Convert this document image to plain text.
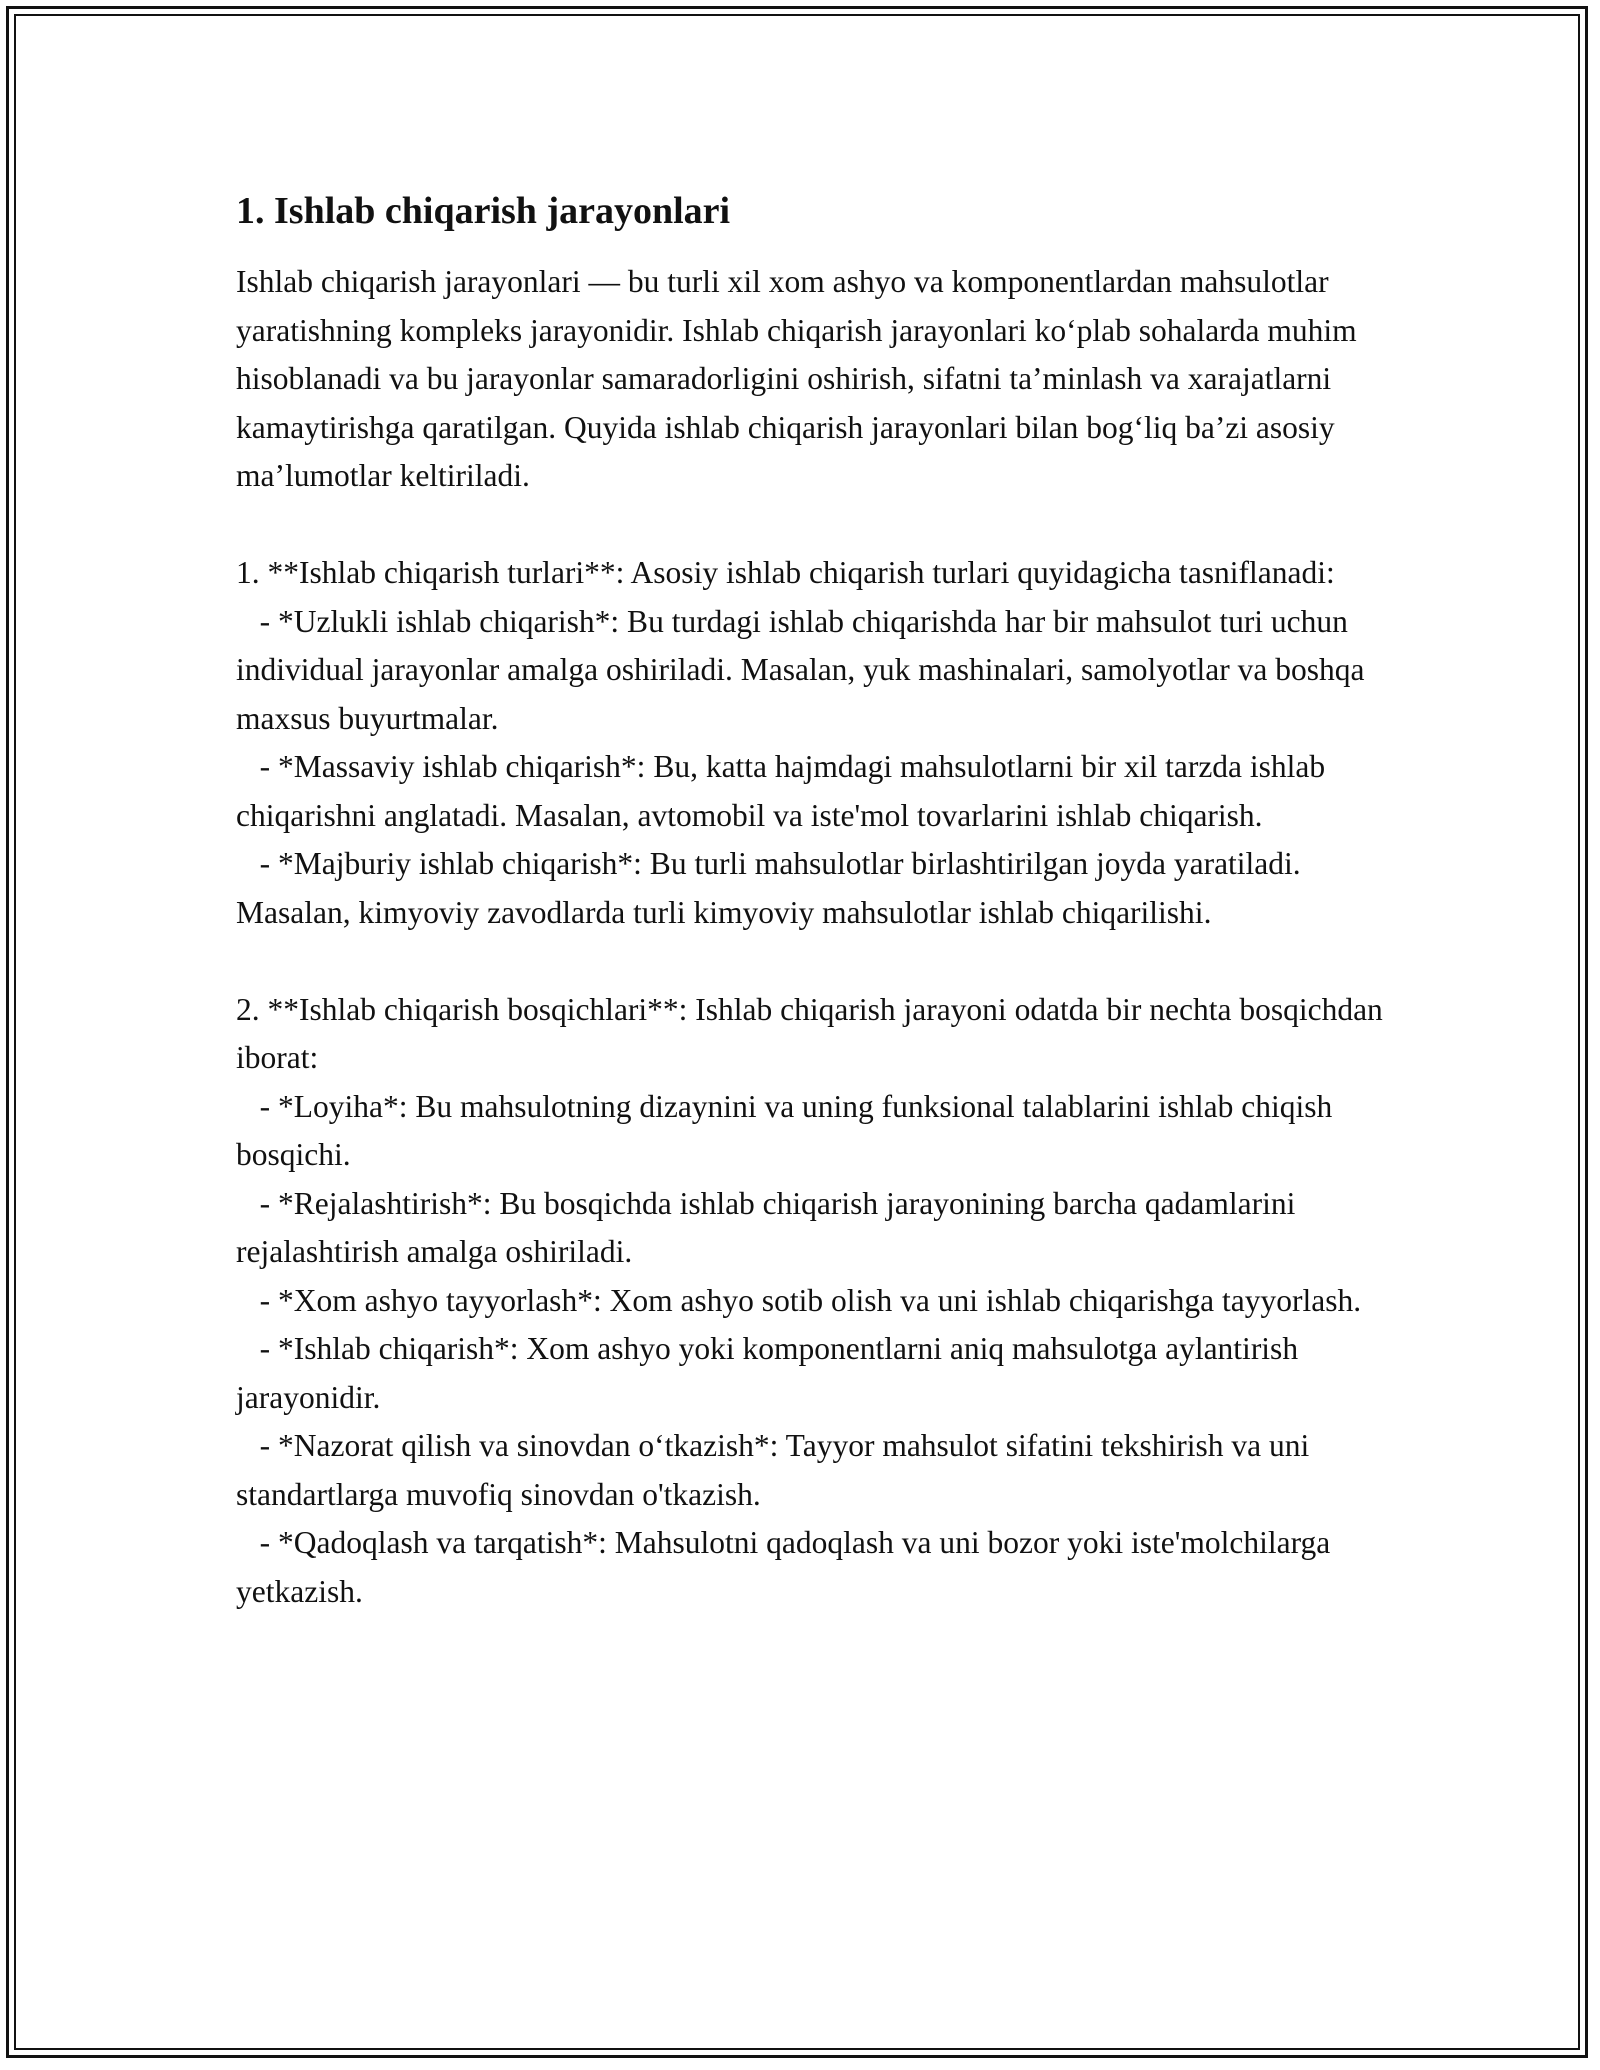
1. Ishlab chiqarish jarayonlari

Ishlab chiqarish jarayonlari — bu turli xil xom ashyo va komponentlardan mahsulotlar yaratishning kompleks jarayonidir. Ishlab chiqarish jarayonlari ko‘plab sohalarda muhim hisoblanadi va bu jarayonlar samaradorligini oshirish, sifatni ta’minlash va xarajatlarni kamaytirishga qaratilgan. Quyida ishlab chiqarish jarayonlari bilan bog‘liq ba’zi asosiy ma’lumotlar keltiriladi.

1. **Ishlab chiqarish turlari**: Asosiy ishlab chiqarish turlari quyidagicha tasniflanadi:

- *Uzlukli ishlab chiqarish*: Bu turdagi ishlab chiqarishda har bir mahsulot turi uchun individual jarayonlar amalga oshiriladi. Masalan, yuk mashinalari, samolyotlar va boshqa maxsus buyurtmalar.

- *Massaviy ishlab chiqarish*: Bu, katta hajmdagi mahsulotlarni bir xil tarzda ishlab chiqarishni anglatadi. Masalan, avtomobil va iste'mol tovarlarini ishlab chiqarish.

- *Majburiy ishlab chiqarish*: Bu turli mahsulotlar birlashtirilgan joyda yaratiladi. Masalan, kimyoviy zavodlarda turli kimyoviy mahsulotlar ishlab chiqarilishi.

2. **Ishlab chiqarish bosqichlari**: Ishlab chiqarish jarayoni odatda bir nechta bosqichdan iborat:

- *Loyiha*: Bu mahsulotning dizaynini va uning funksional talablarini ishlab chiqish bosqichi.

- *Rejalashtirish*: Bu bosqichda ishlab chiqarish jarayonining barcha qadamlarini rejalashtirish amalga oshiriladi.

- *Xom ashyo tayyorlash*: Xom ashyo sotib olish va uni ishlab chiqarishga tayyorlash.

- *Ishlab chiqarish*: Xom ashyo yoki komponentlarni aniq mahsulotga aylantirish jarayonidir.

- *Nazorat qilish va sinovdan o‘tkazish*: Tayyor mahsulot sifatini tekshirish va uni standartlarga muvofiq sinovdan o'tkazish.

- *Qadoqlash va tarqatish*: Mahsulotni qadoqlash va uni bozor yoki iste'molchilarga yetkazish.
